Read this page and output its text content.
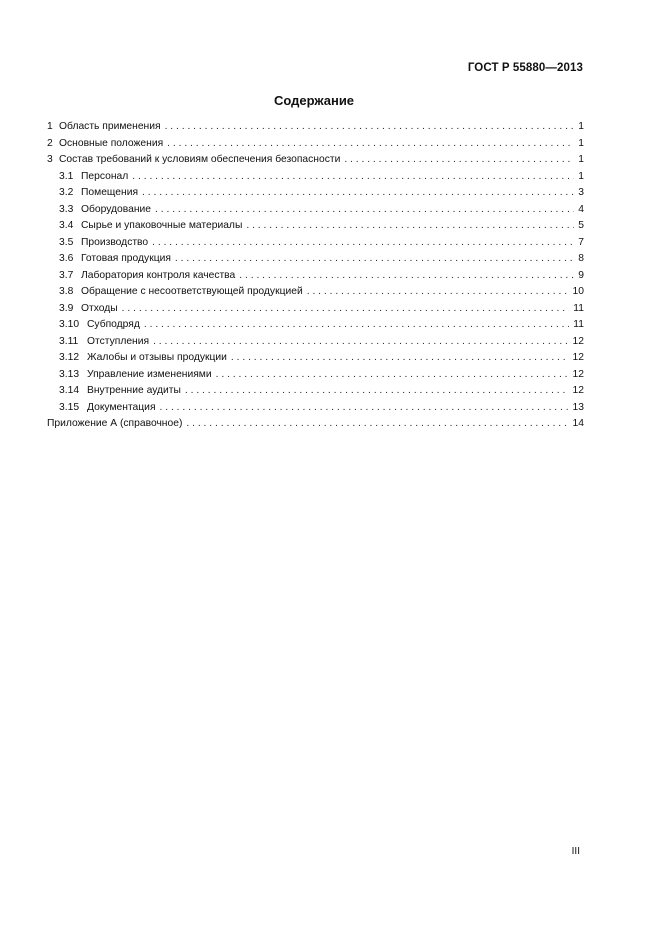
ГОСТ Р 55880—2013
Содержание
1 Область применения . . .	1
2 Основные положения . . .	1
3 Состав требований к условиям обеспечения безопасности . . .	1
3.1 Персонал . . .	1
3.2 Помещения . . .	3
3.3 Оборудование . . .	4
3.4 Сырье и упаковочные материалы . . .	5
3.5 Производство . . .	7
3.6 Готовая продукция . . .	8
3.7 Лаборатория контроля качества . . .	9
3.8 Обращение с несоответствующей продукцией . . .	10
3.9 Отходы . . .	11
3.10 Субподряд . . .	11
3.11 Отступления . . .	12
3.12 Жалобы и отзывы продукции . . .	12
3.13 Управление изменениями . . .	12
3.14 Внутренние аудиты . . .	12
3.15 Документация . . .	13
Приложение А (справочное) . . .	14
III
